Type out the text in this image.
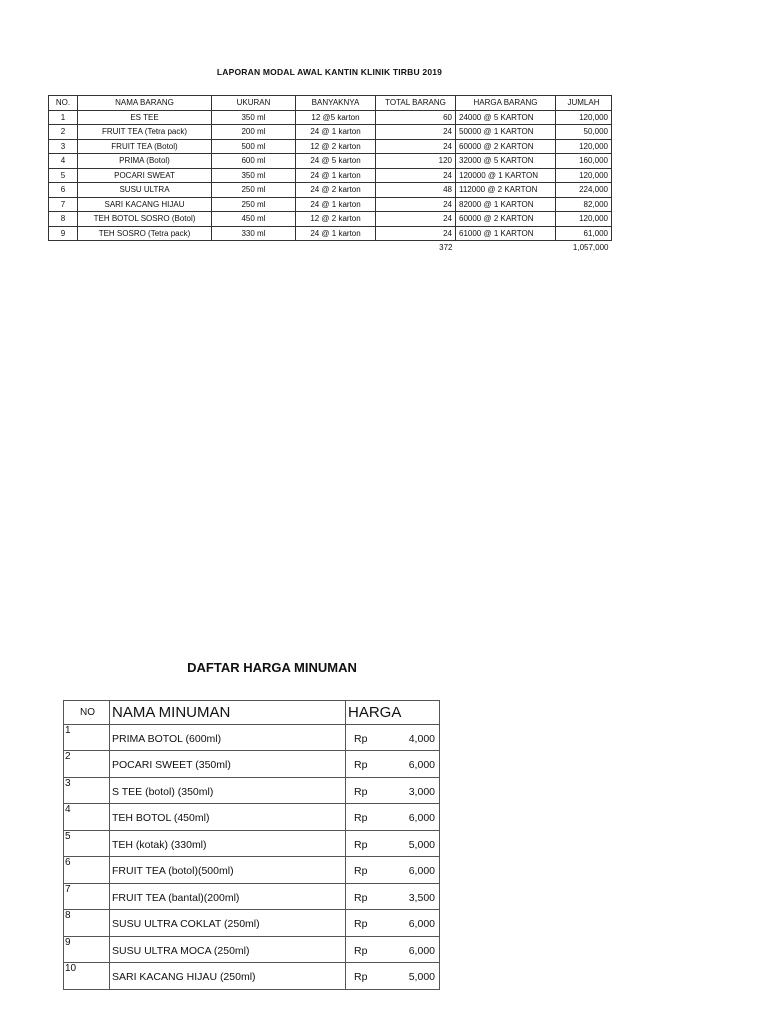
LAPORAN MODAL AWAL KANTIN KLINIK TIRBU 2019
NO.	NAMA BARANG	UKURAN	BANYAKNYA	TOTAL BARANG	HARGA BARANG	JUMLAH
1	ES TEE	350 ml	12 @5 karton	60	24000 @ 5 KARTON	120,000
2	FRUIT TEA (Tetra pack)	200 ml	24 @ 1 karton	24	50000 @ 1 KARTON	50,000
3	FRUIT TEA (Botol)	500 ml	12 @ 2 karton	24	60000 @ 2 KARTON	120,000
4	PRIMA (Botol)	600 ml	24 @ 5 karton	120	32000 @ 5 KARTON	160,000
5	POCARI SWEAT	350 ml	24 @ 1 karton	24	120000 @ 1 KARTON	120,000
6	SUSU ULTRA	250 ml	24 @ 2 karton	48	112000 @ 2 KARTON	224,000
7	SARI KACANG HIJAU	250 ml	24 @ 1 karton	24	82000 @ 1 KARTON	82,000
8	TEH BOTOL SOSRO (Botol)	450 ml	12 @ 2 karton	24	60000 @ 2 KARTON	120,000
9	TEH SOSRO (Tetra pack)	330 ml	24 @ 1 karton	24	61000 @ 1 KARTON	61,000
				372		1,057,000
DAFTAR HARGA MINUMAN
NO	NAMA MINUMAN	HARGA	
1	PRIMA BOTOL (600ml)	Rp	4,000
2	POCARI SWEET (350ml)	Rp	6,000
3	S TEE (botol) (350ml)	Rp	3,000
4	TEH BOTOL (450ml)	Rp	6,000
5	TEH (kotak) (330ml)	Rp	5,000
6	FRUIT TEA (botol)(500ml)	Rp	6,000
7	FRUIT TEA (bantal)(200ml)	Rp	3,500
8	SUSU ULTRA COKLAT (250ml)	Rp	6,000
9	SUSU ULTRA MOCA (250ml)	Rp	6,000
10	SARI KACANG HIJAU (250ml)	Rp	5,000
